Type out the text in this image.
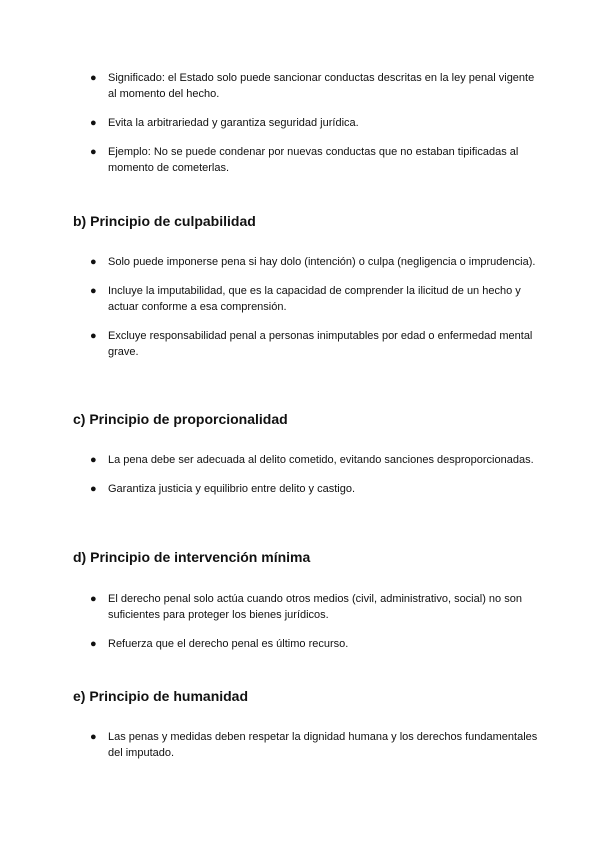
● Significado: el Estado solo puede sancionar conductas descritas en la ley penal vigente al momento del hecho.
● Evita la arbitrariedad y garantiza seguridad jurídica.
● Ejemplo: No se puede condenar por nuevas conductas que no estaban tipificadas al momento de cometerlas.
b) Principio de culpabilidad
● Solo puede imponerse pena si hay dolo (intención) o culpa (negligencia o imprudencia).
● Incluye la imputabilidad, que es la capacidad de comprender la ilicitud de un hecho y actuar conforme a esa comprensión.
● Excluye responsabilidad penal a personas inimputables por edad o enfermedad mental grave.
c) Principio de proporcionalidad
● La pena debe ser adecuada al delito cometido, evitando sanciones desproporcionadas.
● Garantiza justicia y equilibrio entre delito y castigo.
d) Principio de intervención mínima
● El derecho penal solo actúa cuando otros medios (civil, administrativo, social) no son suficientes para proteger los bienes jurídicos.
● Refuerza que el derecho penal es último recurso.
e) Principio de humanidad
● Las penas y medidas deben respetar la dignidad humana y los derechos fundamentales del imputado.
